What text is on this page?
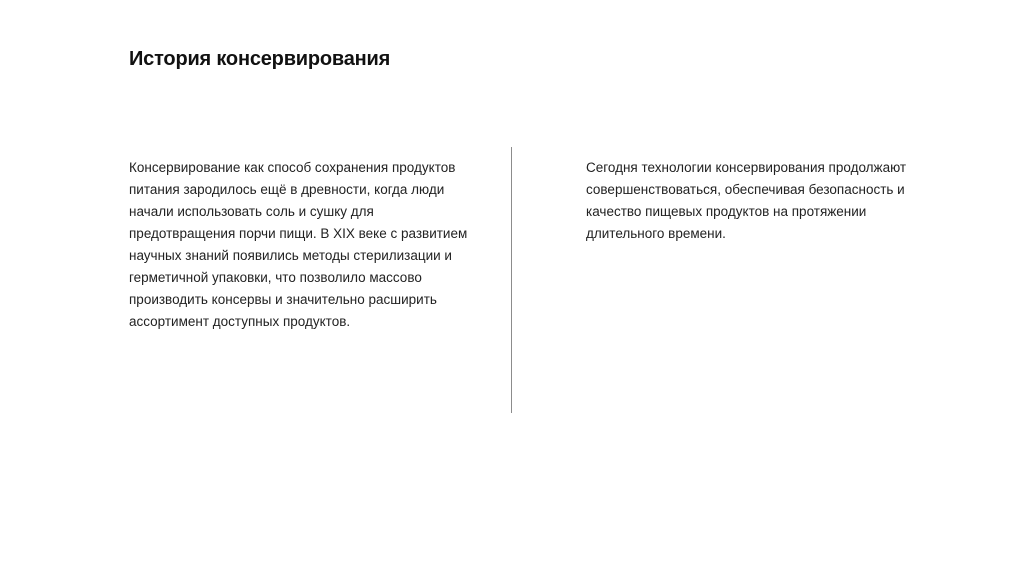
История консервирования

Консервирование как способ сохранения продуктов питания зародилось ещё в древности, когда люди начали использовать соль и сушку для предотвращения порчи пищи. В XIX веке с развитием научных знаний появились методы стерилизации и герметичной упаковки, что позволило массово производить консервы и значительно расширить ассортимент доступных продуктов.

Сегодня технологии консервирования продолжают совершенствоваться, обеспечивая безопасность и качество пищевых продуктов на протяжении длительного времени.
